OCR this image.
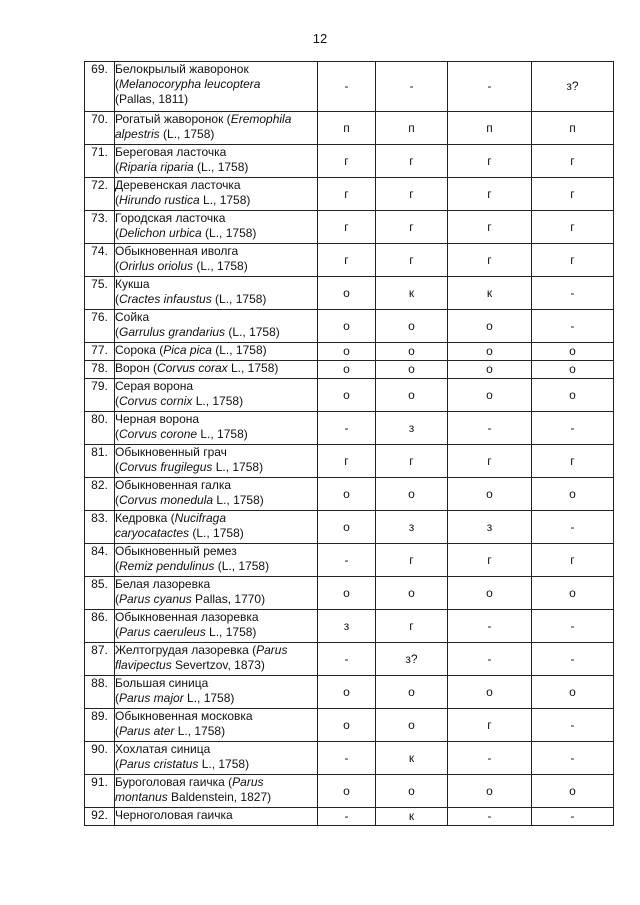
12
69.	Белокрылый жаворонок
(Melanocorypha leucoptera
(Pallas, 1811)	-	-	-	з?
70.	Рогатый жаворонок (Eremophila
alpestris (L., 1758)	п	п	п	п
71.	Береговая ласточка
(Riparia riparia (L., 1758)	г	г	г	г
72.	Деревенская ласточка
(Hirundo rustica L., 1758)	г	г	г	г
73.	Городская ласточка
(Delichon urbica (L., 1758)	г	г	г	г
74.	Обыкновенная иволга
(Orirlus oriolus (L., 1758)	г	г	г	г
75.	Кукша
(Cractes infaustus (L., 1758)	о	к	к	-
76.	Сойка
(Garrulus grandarius (L., 1758)	о	о	о	-
77.	Сорока (Pica pica (L., 1758)	о	о	о	о
78.	Ворон (Corvus corax L., 1758)	о	о	о	о
79.	Серая ворона
(Corvus cornix L., 1758)	о	о	о	о
80.	Черная ворона
(Corvus corone L., 1758)	-	з	-	-
81.	Обыкновенный грач
(Corvus frugilegus L., 1758)	г	г	г	г
82.	Обыкновенная галка
(Corvus monedula L., 1758)	о	о	о	о
83.	Кедровка (Nucifraga
caryocatactes (L., 1758)	о	з	з	-
84.	Обыкновенный ремез
(Remiz pendulinus (L., 1758)	-	г	г	г
85.	Белая лазоревка
(Parus cyanus Pallas, 1770)	о	о	о	о
86.	Обыкновенная лазоревка
(Parus caeruleus L., 1758)	з	г	-	-
87.	Желтогрудая лазоревка (Parus
flavipectus Severtzov, 1873)	-	з?	-	-
88.	Большая синица
(Parus major L., 1758)	о	о	о	о
89.	Обыкновенная московка
(Parus ater L., 1758)	о	о	г	-
90.	Хохлатая синица
(Parus cristatus L., 1758)	-	к	-	-
91.	Буроголовая гаичка (Parus
montanus Baldenstein, 1827)	о	о	о	о
92.	Черноголовая гаичка	-	к	-	-
